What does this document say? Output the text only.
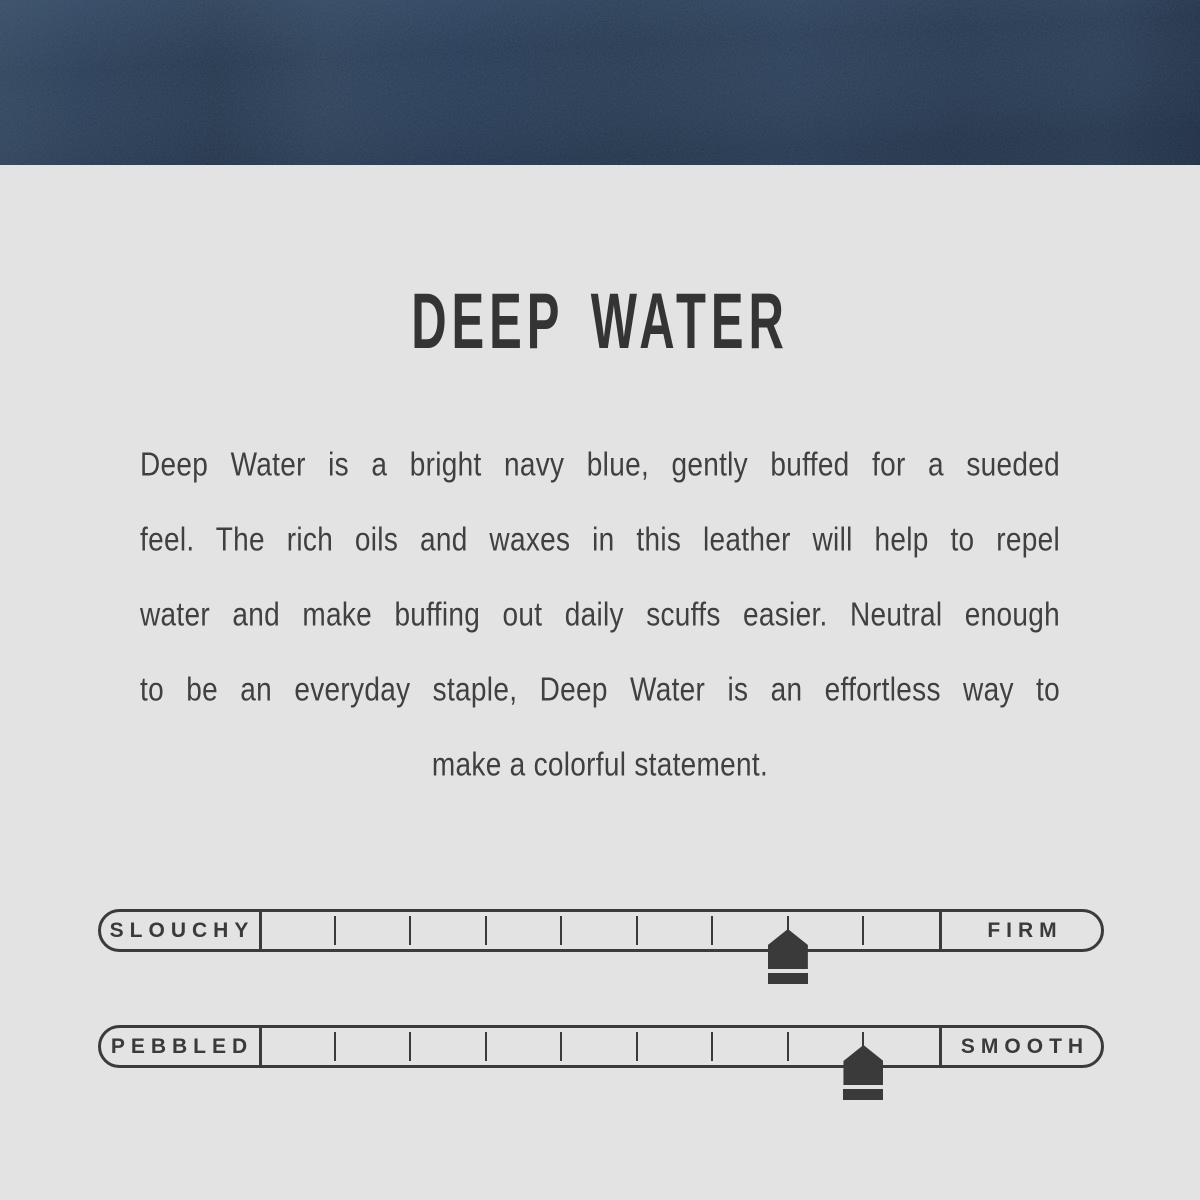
DEEP WATER
Deep Water is a bright navy blue, gently buffed for a sueded
feel. The rich oils and waxes in this leather will help to repel
water and make buffing out daily scuffs easier. Neutral enough
to be an everyday staple, Deep Water is an effortless way to
make a colorful statement.
SLOUCHY	FIRM
PEBBLED	SMOOTH
